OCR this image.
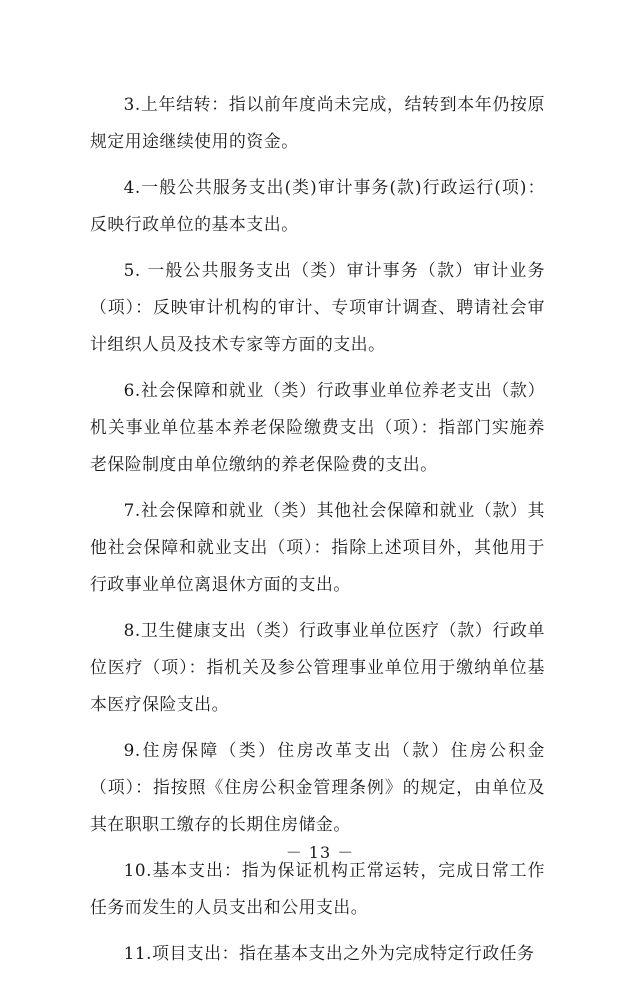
3.上年结转：指以前年度尚未完成，结转到本年仍按原规定用途继续使用的资金。

4.一般公共服务支出(类)审计事务(款)行政运行(项)：反映行政单位的基本支出。

5. 一般公共服务支出（类）审计事务（款）审计业务（项）：反映审计机构的审计、专项审计调查、聘请社会审计组织人员及技术专家等方面的支出。

6.社会保障和就业（类）行政事业单位养老支出（款）机关事业单位基本养老保险缴费支出（项）：指部门实施养老保险制度由单位缴纳的养老保险费的支出。

7.社会保障和就业（类）其他社会保障和就业（款）其他社会保障和就业支出（项）：指除上述项目外，其他用于行政事业单位离退休方面的支出。

8.卫生健康支出（类）行政事业单位医疗（款）行政单位医疗（项）：指机关及参公管理事业单位用于缴纳单位基本医疗保险支出。

9.住房保障（类）住房改革支出（款）住房公积金（项）：指按照《住房公积金管理条例》的规定，由单位及其在职职工缴存的长期住房储金。

10.基本支出：指为保证机构正常运转，完成日常工作任务而发生的人员支出和公用支出。

11.项目支出：指在基本支出之外为完成特定行政任务

－ 13 －
